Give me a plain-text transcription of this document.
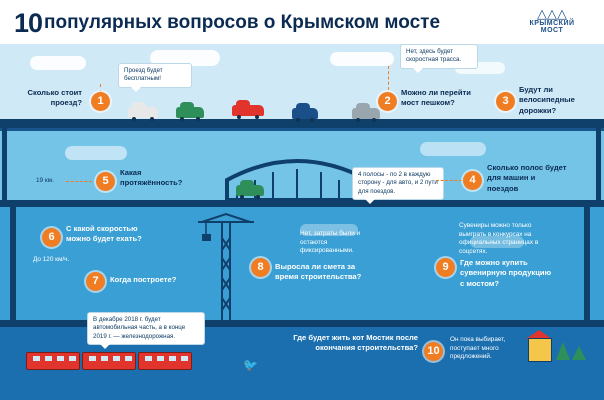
10 популярных вопросов о Крымском мосте	△△△
КРЫМСКИЙ
МОСТ
🐦
Проезд будет бесплатным!
1
Сколько стоит проезд?
Нет, здесь будет скоростная трасса.
2
Можно ли перейти мост пешком?	3
Будут ли велосипедные дорожки?
4 полосы - по 2 в каждую сторону - для авто, и 2 пути для поездов.
4
Сколько полос будет для машин и поездов
19 км.	5
Какая протяжённость?
6
С какой скоростью можно будет ехать?
До 120 км/ч.
7	Когда построете?
В декабре 2018 г. будет автомобильная часть, а в конце 2019 г. — железнодорожная.
Нет, затраты были и остаются фиксированными.
8	Выросла ли смета за время строительства?
Сувениры можно только выиграть в конкурсах на официальных страницах в соцсетях.
9	Где можно купить сувенирную продукцию с мостом?
Где будет жить кот Мостик после окончания строительства? 10
Он пока выбирает, поступает много предложений.
